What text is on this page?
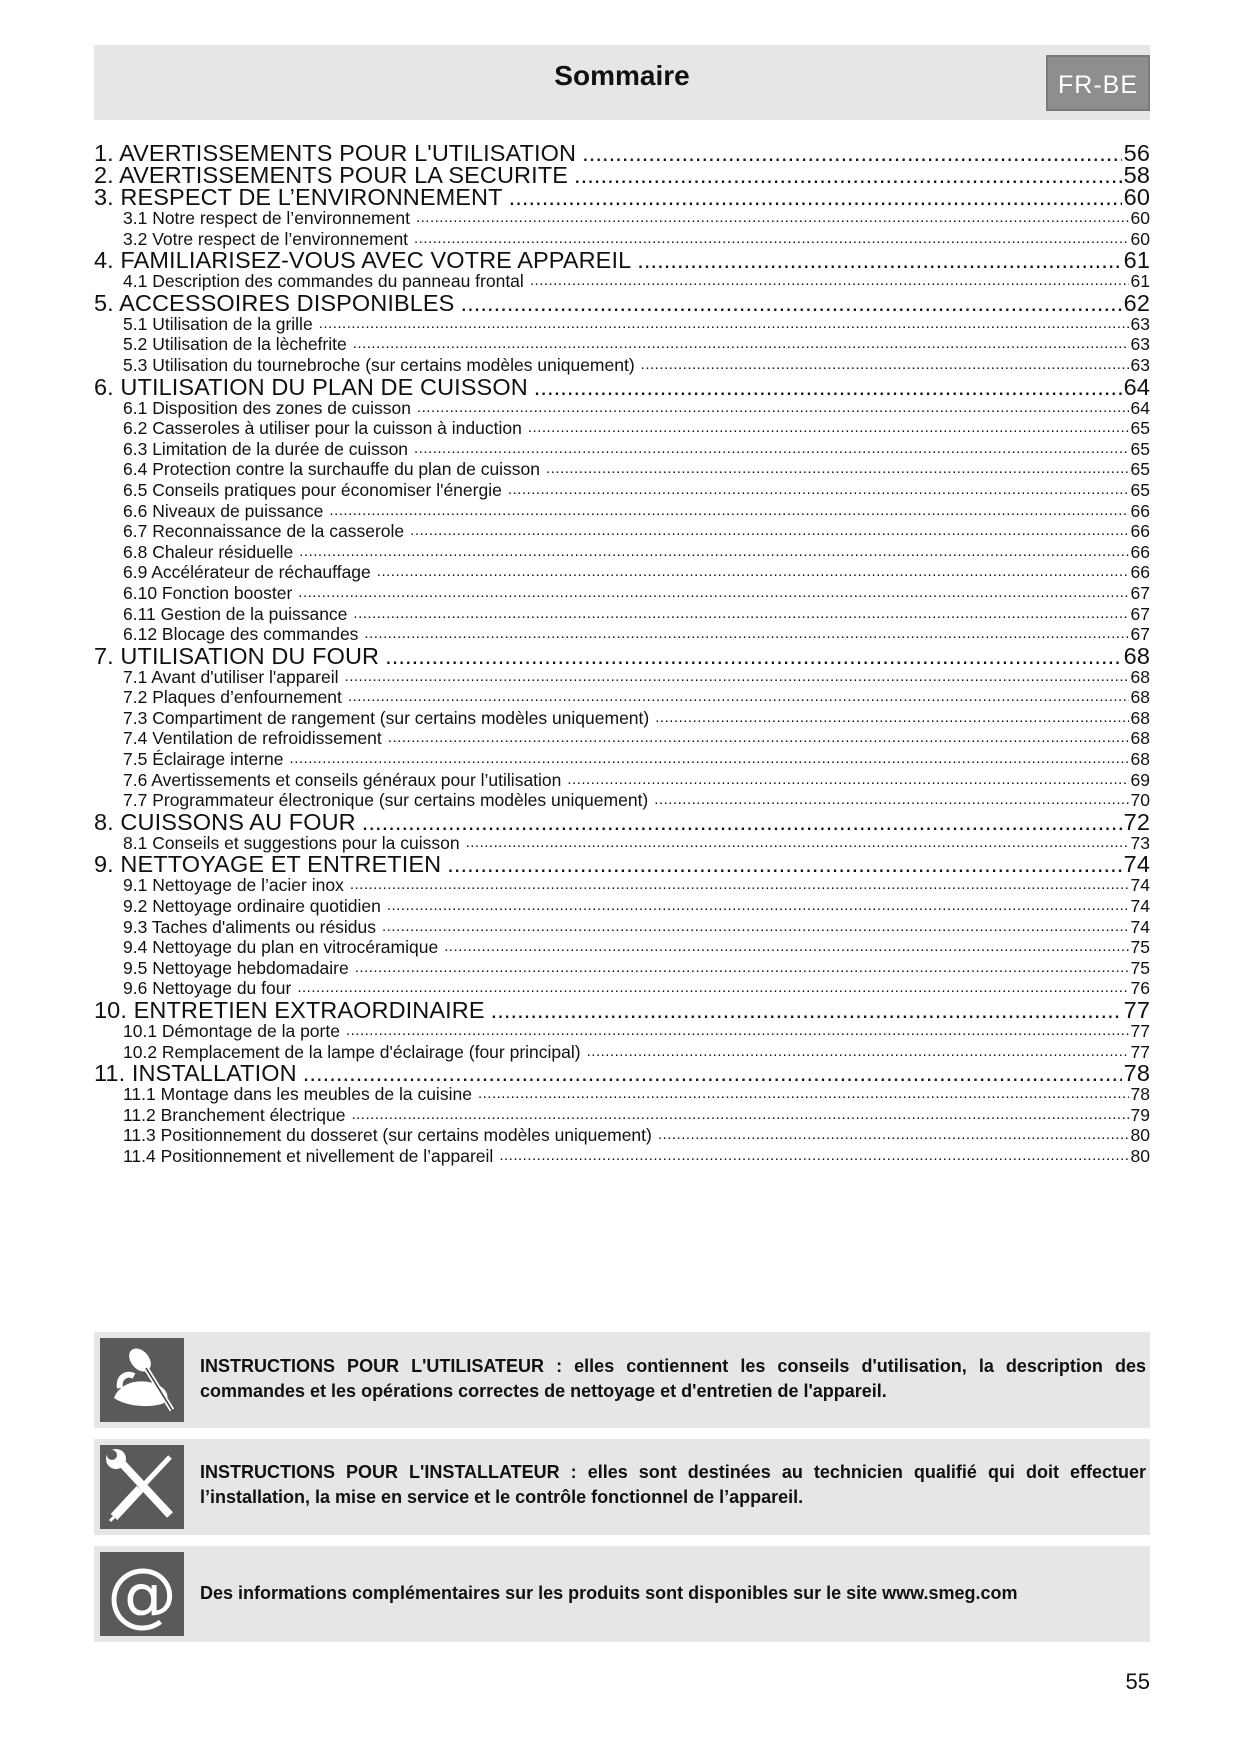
Sommaire	FR-BE
1. AVERTISSEMENTS POUR L'UTILISATION .....	56
2. AVERTISSEMENTS POUR LA SECURITE .....	58
3. RESPECT DE L’ENVIRONNEMENT .....	60
3.1 Notre respect de l’environnement .....	60
3.2 Votre respect de l’environnement .....	60
4. FAMILIARISEZ-VOUS AVEC VOTRE APPAREIL .....	61
4.1 Description des commandes du panneau frontal .....	61
5. ACCESSOIRES DISPONIBLES .....	62
5.1 Utilisation de la grille .....	63
5.2 Utilisation de la lèchefrite .....	63
5.3 Utilisation du tournebroche (sur certains modèles uniquement) .....	63
6. UTILISATION DU PLAN DE CUISSON .....	64
6.1 Disposition des zones de cuisson .....	64
6.2 Casseroles à utiliser pour la cuisson à induction .....	65
6.3 Limitation de la durée de cuisson .....	65
6.4 Protection contre la surchauffe du plan de cuisson .....	65
6.5 Conseils pratiques pour économiser l'énergie .....	65
6.6 Niveaux de puissance .....	66
6.7 Reconnaissance de la casserole .....	66
6.8 Chaleur résiduelle .....	66
6.9 Accélérateur de réchauffage .....	66
6.10 Fonction booster .....	67
6.11 Gestion de la puissance .....	67
6.12 Blocage des commandes .....	67
7. UTILISATION DU FOUR .....	68
7.1 Avant d'utiliser l'appareil .....	68
7.2 Plaques d’enfournement .....	68
7.3 Compartiment de rangement (sur certains modèles uniquement) .....	68
7.4 Ventilation de refroidissement .....	68
7.5 Éclairage interne .....	68
7.6 Avertissements et conseils généraux pour l’utilisation .....	69
7.7 Programmateur électronique (sur certains modèles uniquement) .....	70
8. CUISSONS AU FOUR .....	72
8.1 Conseils et suggestions pour la cuisson .....	73
9. NETTOYAGE ET ENTRETIEN .....	74
9.1 Nettoyage de l’acier inox .....	74
9.2 Nettoyage ordinaire quotidien .....	74
9.3 Taches d'aliments ou résidus .....	74
9.4 Nettoyage du plan en vitrocéramique .....	75
9.5 Nettoyage hebdomadaire .....	75
9.6 Nettoyage du four .....	76
10. ENTRETIEN EXTRAORDINAIRE .....	77
10.1 Démontage de la porte .....	77
10.2 Remplacement de la lampe d'éclairage (four principal) .....	77
11. INSTALLATION .....	78
11.1 Montage dans les meubles de la cuisine .....	78
11.2 Branchement électrique .....	79
11.3 Positionnement du dosseret (sur certains modèles uniquement) .....	80
11.4 Positionnement et nivellement de l’appareil .....	80
INSTRUCTIONS POUR L'UTILISATEUR : elles contiennent les conseils d'utilisation, la description des commandes et les opérations correctes de nettoyage et d'entretien de l'appareil.
INSTRUCTIONS POUR L'INSTALLATEUR : elles sont destinées au technicien qualifié qui doit effectuer l’installation, la mise en service et le contrôle fonctionnel de l’appareil.
@ Des informations complémentaires sur les produits sont disponibles sur le site www.smeg.com
55
